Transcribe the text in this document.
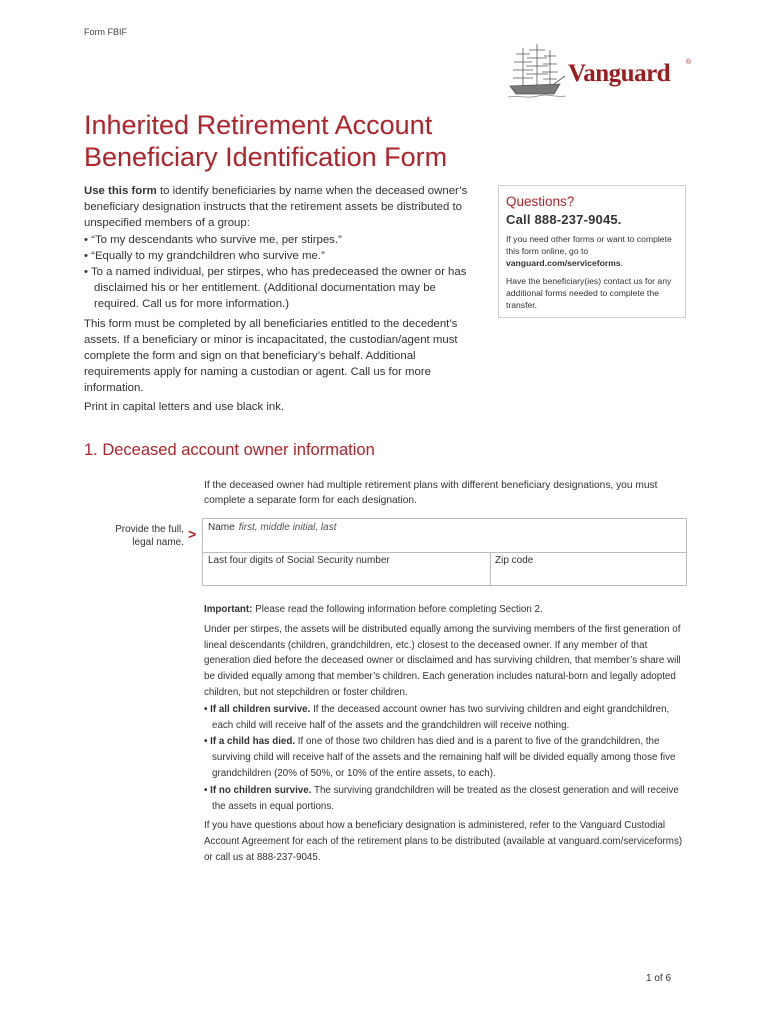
Form FBIF
Vanguard ®
Inherited Retirement Account Beneficiary Identification Form

Use this form to identify beneficiaries by name when the deceased owner’s beneficiary designation instructs that the retirement assets be distributed to unspecified members of a group:

• “To my descendants who survive me, per stirpes.”
• “Equally to my grandchildren who survive me.”
• To a named individual, per stirpes, who has predeceased the owner or has disclaimed his or her entitlement. (Additional documentation may be required. Call us for more information.)
This form must be completed by all beneficiaries entitled to the decedent’s assets. If a beneficiary or minor is incapacitated, the custodian/agent must complete the form and sign on that beneficiary’s behalf. Additional requirements apply for naming a custodian or agent. Call us for more information.
Print in capital letters and use black ink.
Questions?
Call 888-237-9045.
If you need other forms or want to complete this form online, go to vanguard.com/serviceforms.
Have the beneficiary(ies) contact us for any additional forms needed to complete the transfer.
1. Deceased account owner information
If the deceased owner had multiple retirement plans with different beneficiary designations, you must complete a separate form for each designation.
Provide the full, legal name.
> Name first, middle initial, last
Last four digits of Social Security number	Zip code

Important: Please read the following information before completing Section 2.

Under per stirpes, the assets will be distributed equally among the surviving members of the first generation of lineal descendants (children, grandchildren, etc.) closest to the deceased owner. If any member of that generation died before the deceased owner or disclaimed and has surviving children, that member’s share will be divided equally among that member’s children. Each generation includes natural-born and legally adopted children, but not stepchildren or foster children.

• If all children survive. If the deceased account owner has two surviving children and eight grandchildren, each child will receive half of the assets and the grandchildren will receive nothing.

• If a child has died. If one of those two children has died and is a parent to five of the grandchildren, the surviving child will receive half of the assets and the remaining half will be divided equally among those five grandchildren (20% of 50%, or 10% of the entire assets, to each).

• If no children survive. The surviving grandchildren will be treated as the closest generation and will receive the assets in equal portions.

If you have questions about how a beneficiary designation is administered, refer to the Vanguard Custodial Account Agreement for each of the retirement plans to be distributed (available at vanguard.com/serviceforms) or call us at 888-237-9045.

1 of 6
